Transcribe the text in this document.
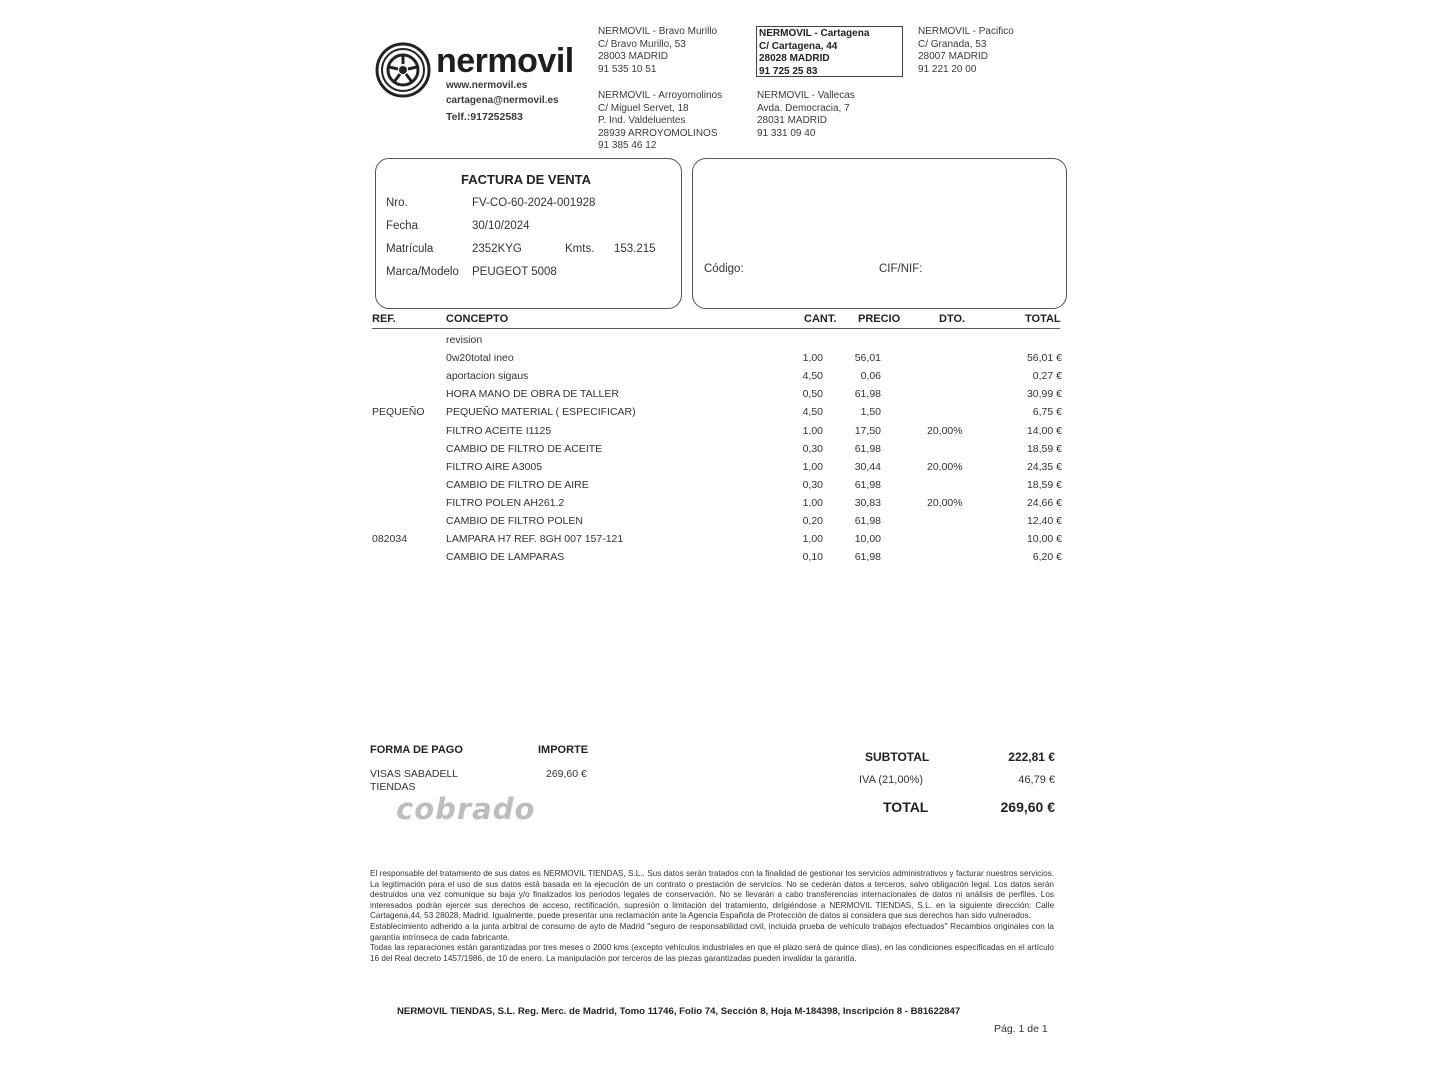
nermovil
www.nermovil.es
cartagena@nermovil.es
Telf.:917252583
NERMOVIL - Bravo Murillo
C/ Bravo Murillo, 53
28003 MADRID
91 535 10 51
NERMOVIL - Cartagena
C/ Cartagena, 44
28028 MADRID
91 725 25 83
NERMOVIL - Pacifico
C/ Granada, 53
28007 MADRID
91 221 20 00
NERMOVIL - Arroyomolinos
C/ Miguel Servet, 18
P. Ind. Valdeluentes
28939 ARROYOMOLINOS
91 385 46 12
NERMOVIL - Vallecas
Avda. Democracia, 7
28031 MADRID
91 331 09 40
FACTURA DE VENTA
Nro.	FV-CO-60-2024-001928
Fecha	30/10/2024
Matrícula	2352KYG	Kmts. 153.215
Marca/Modelo PEUGEOT 5008	Código:	CIF/NIF:
REF.	CONCEPTO	CANT. PRECIO	DTO.	TOTAL
revision
0w20total ineo	1,00	56,01	56,01 €
aportacion sigaus	4,50	0,06	0,27 €
HORA MANO DE OBRA DE TALLER	0,50	61,98	30,99 €
PEQUEÑO PEQUEÑO MATERIAL ( ESPECIFICAR)	4,50	1,50	6,75 €
FILTRO ACEITE I1125	1,00	17,50	20,00%	14,00 €
CAMBIO DE FILTRO DE ACEITE	0,30	61,98	18,59 €
FILTRO AIRE A3005	1,00	30,44	20,00%	24,35 €
CAMBIO DE FILTRO DE AIRE	0,30	61,98	18,59 €
FILTRO POLEN AH261.2	1,00	30,83	20,00%	24,66 €
CAMBIO DE FILTRO POLEN	0,20	61,98	12,40 €
082034	LAMPARA H7 REF. 8GH 007 157-121	1,00	10,00	10,00 €
CAMBIO DE LAMPARAS	0,10	61,98	6,20 €
FORMA DE PAGO	IMPORTE
VISAS SABADELL
TIENDAS
269,60 €
cobrado
SUBTOTAL	222,81 €
IVA (21,00%)	46,79 €
TOTAL	269,60 €
El responsable del tratamiento de sus datos es NERMOVIL TIENDAS, S.L.. Sus datos serán tratados con la finalidad de gestionar los servicios administrativos y facturar nuestros servicios. La legitimación para el uso de sus datos está basada en la ejecución de un contrato o prestación de servicios. No se cederán datos a terceros, salvo obligación legal. Los datos serán destruidos una vez comunique su baja y/o finalizados los periodos legales de conservación. No se llevarán a cabo transferencias internacionales de datos ni análisis de perfiles. Los interesados podrán ejercer sus derechos de acceso, rectificación, supresión o limitación del tratamiento, dirigiéndose a NERMOVIL TIENDAS, S.L. en la siguiente dirección: Calle Cartagena,44, 53 28028, Madrid. Igualmente, puede presentar una reclamación ante la Agencia Española de Protección de datos si considera que sus derechos han sido vulnerados.
Establecimiento adherido a la junta arbitral de consumo de ayto de Madrid "seguro de responsabilidad civil, incluida prueba de vehículo trabajos efectuados" Recambios originales con la garantía intrínseca de cada fabricante.
Todas las reparaciones están garantizadas por tres meses o 2000 kms (excepto vehículos industriales en que el plazo será de quince días), en las condiciones especificadas en el artículo 16 del Real decreto 1457/1986, de 10 de enero. La manipulación por terceros de las piezas garantizadas pueden invalidar la garantía.
NERMOVIL TIENDAS, S.L. Reg. Merc. de Madrid, Tomo 11746, Folio 74, Sección 8, Hoja M-184398, Inscripción 8 - B81622847
Pág. 1 de 1
